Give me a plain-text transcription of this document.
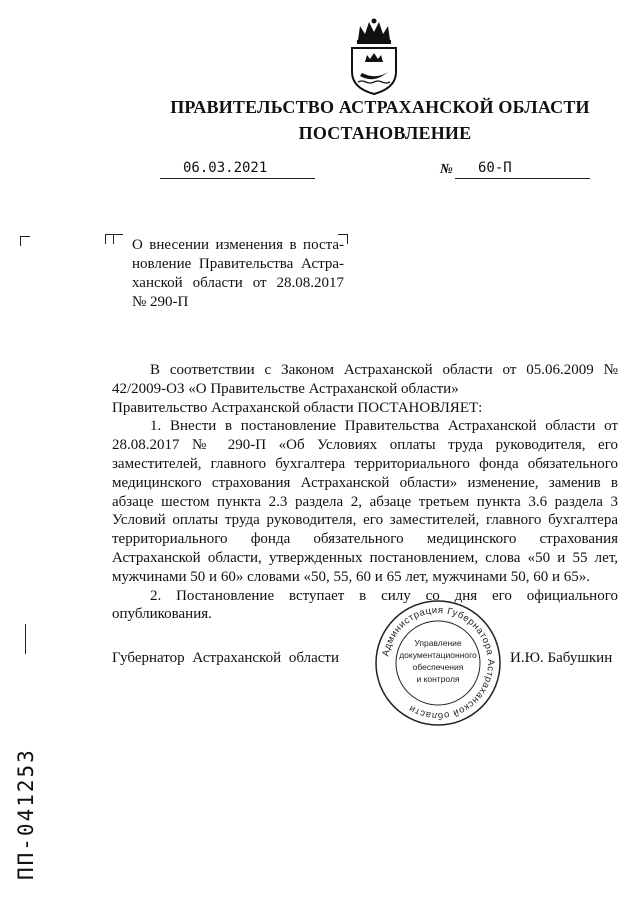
ПРАВИТЕЛЬСТВО АСТРАХАНСКОЙ ОБЛАСТИ
ПОСТАНОВЛЕНИЕ
06.03.2021	№ 60-П

О внесении изменения в поста-

новление Правительства Астра-

ханской области от 28.08.2017

№ 290-П

В соответствии с Законом Астраханской области от 05.06.2009 № 42/2009-ОЗ «О Правительстве Астраханской области»

Правительство Астраханской области ПОСТАНОВЛЯЕТ:

1. Внести в постановление Правительства Астраханской области от 28.08.2017 № 290-П «Об Условиях оплаты труда руководителя, его заместителей, главного бухгалтера территориального фонда обязательного медицинского страхования Астраханской области» изменение, заменив в абзаце шестом пункта 2.3 раздела 2, абзаце третьем пункта 3.6 раздела 3 Условий оплаты труда руководителя, его заместителей, главного бухгалтера территориального фонда обязательного медицинского страхования Астраханской области, утвержденных постановлением, слова «50 и 55 лет, мужчинами 50 и 60» словами «50, 55, 60 и 65 лет, мужчинами 50, 60 и 65».

2. Постановление вступает в силу со дня его официального опубликования.

Губернатор Астраханской области	И.Ю. Бабушкин
Администрация Губернатора Астраханской области
Управление
документационного
обеспечения
и контроля
ПП-041253
